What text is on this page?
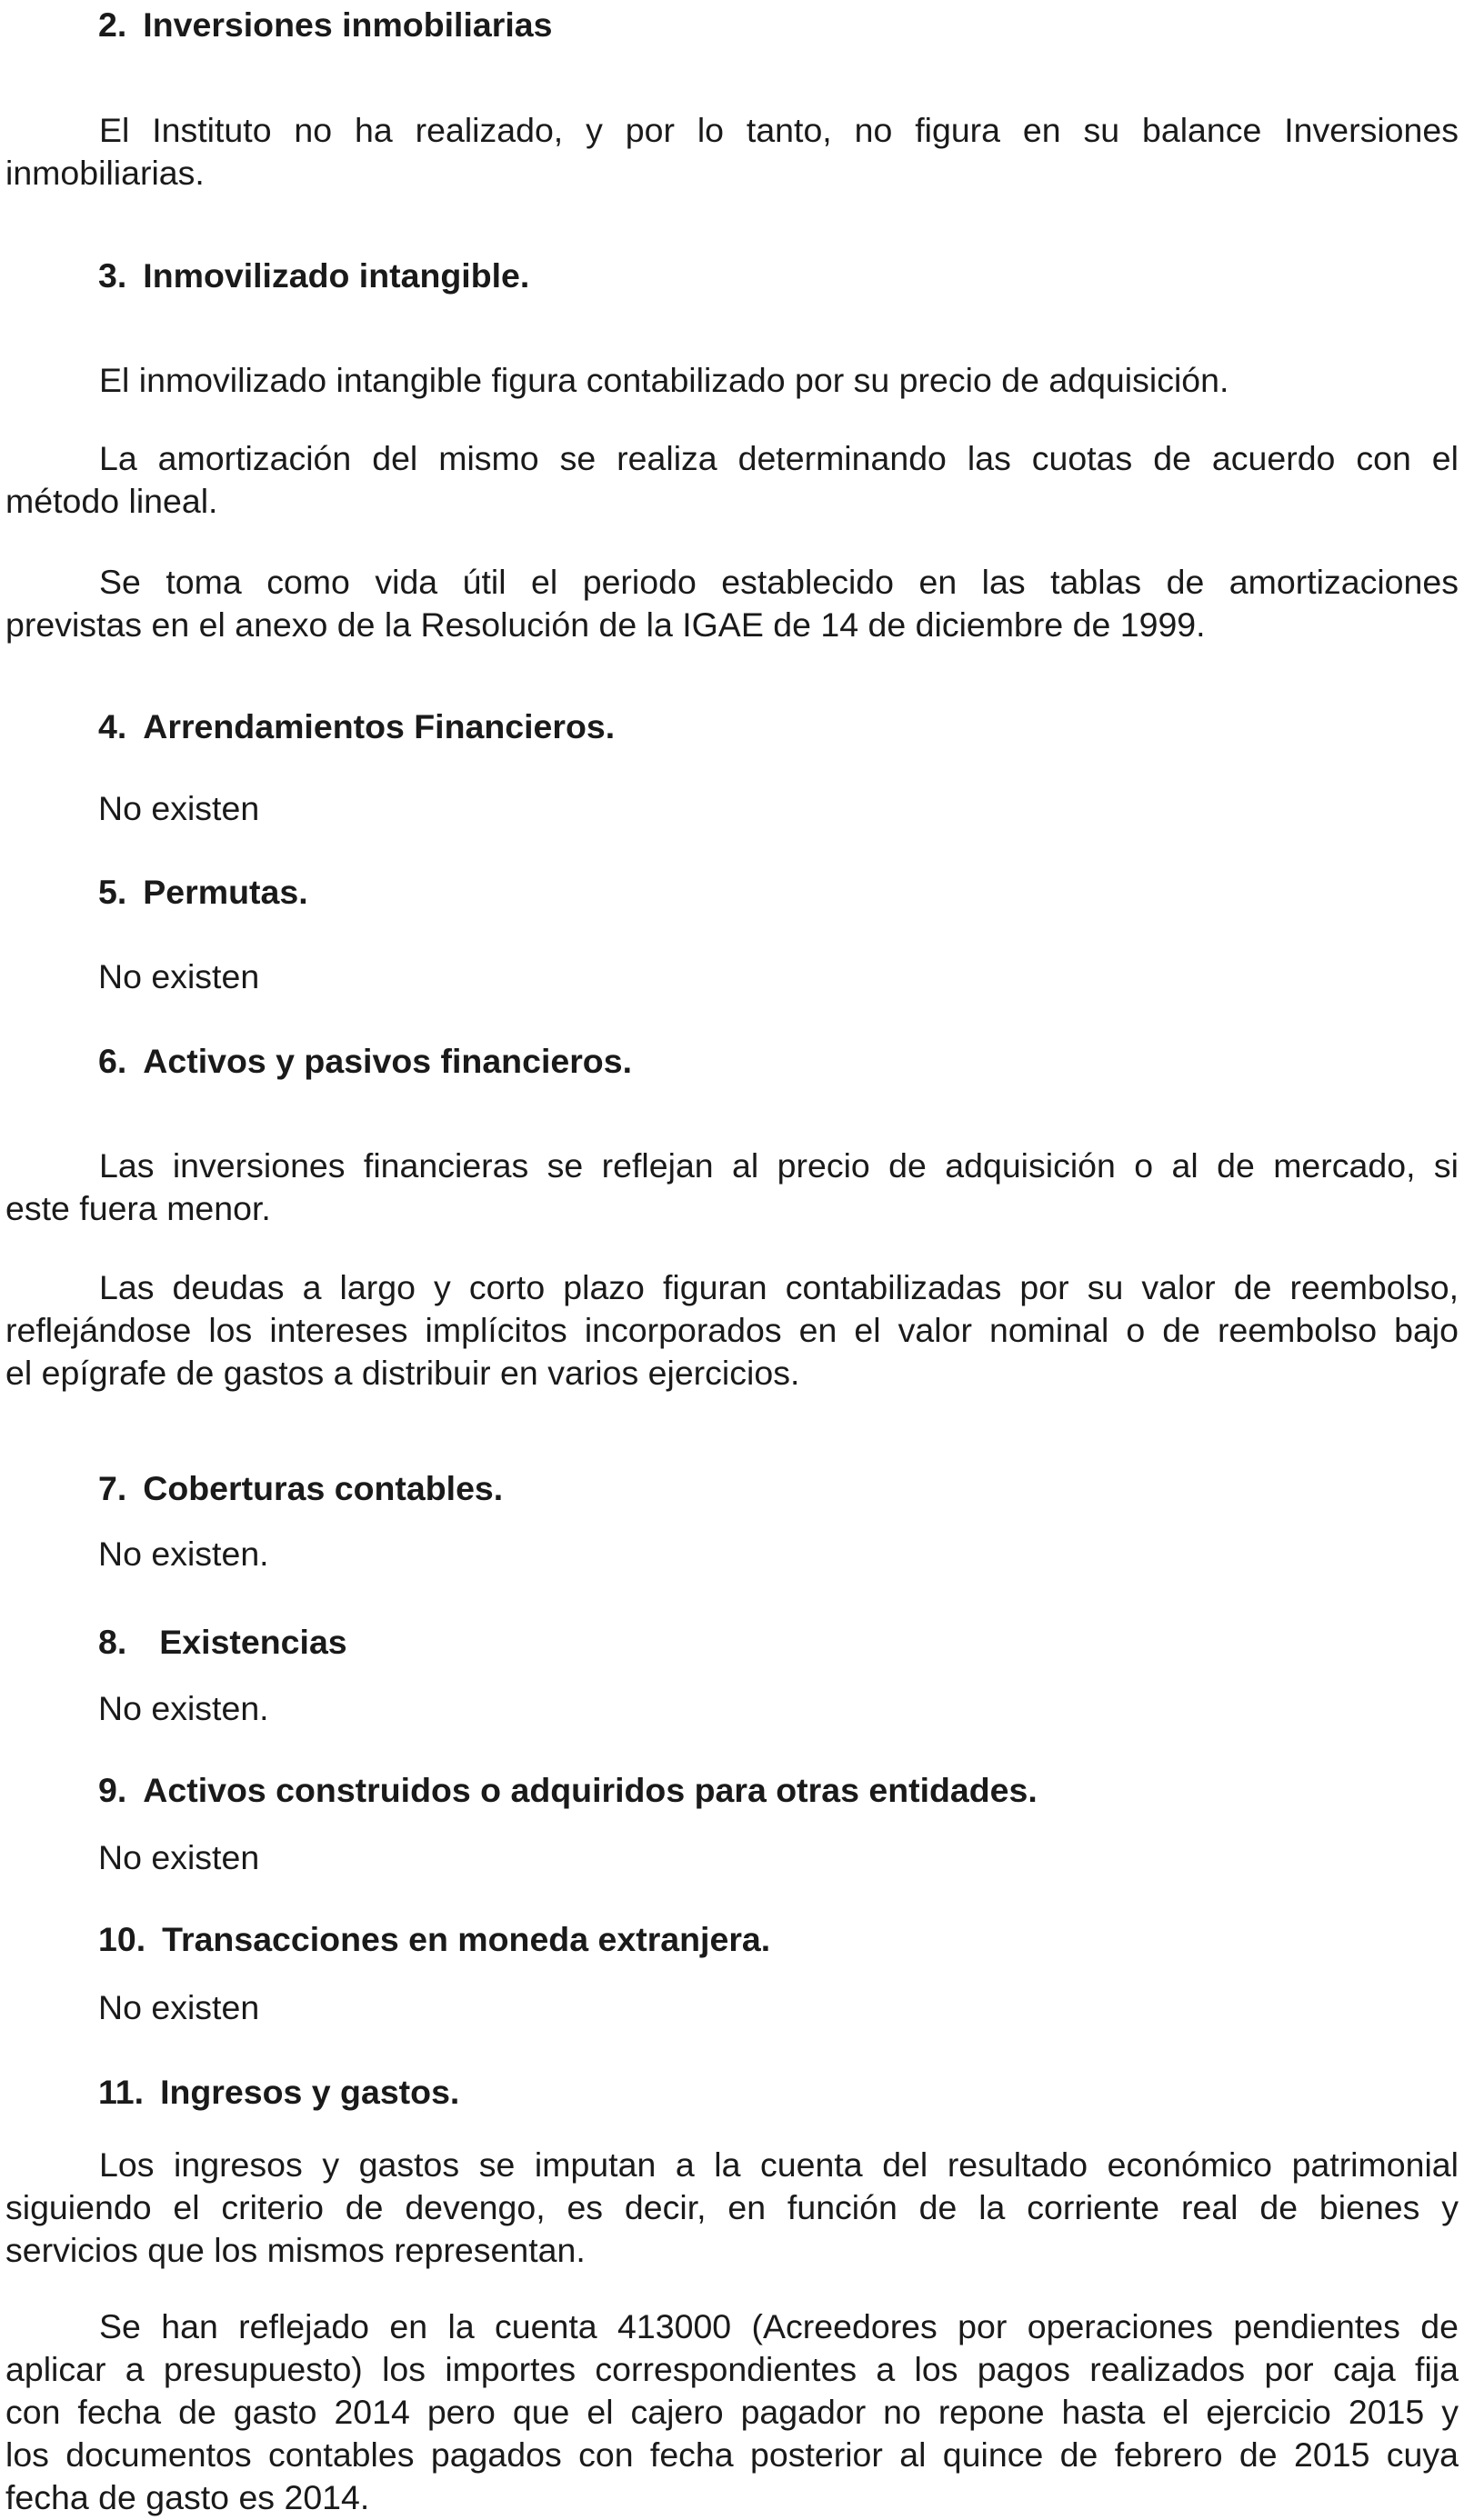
2. Inversiones inmobiliarias
El Instituto no ha realizado, y por lo tanto, no figura en su balance Inversiones
inmobiliarias.
3. Inmovilizado intangible.
El inmovilizado intangible figura contabilizado por su precio de adquisición.
La amortización del mismo se realiza determinando las cuotas de acuerdo con el
método lineal.
Se toma como vida útil el periodo establecido en las tablas de amortizaciones
previstas en el anexo de la Resolución de la IGAE de 14 de diciembre de 1999.
4. Arrendamientos Financieros.
No existen
5. Permutas.
No existen
6. Activos y pasivos financieros.
Las inversiones financieras se reflejan al precio de adquisición o al de mercado, si
este fuera menor.
Las deudas a largo y corto plazo figuran contabilizadas por su valor de reembolso,
reflejándose los intereses implícitos incorporados en el valor nominal o de reembolso bajo
el epígrafe de gastos a distribuir en varios ejercicios.
7. Coberturas contables.
No existen.
8. Existencias
No existen.
9. Activos construidos o adquiridos para otras entidades.
No existen
10. Transacciones en moneda extranjera.
No existen
11. Ingresos y gastos.
Los ingresos y gastos se imputan a la cuenta del resultado económico patrimonial
siguiendo el criterio de devengo, es decir, en función de la corriente real de bienes y
servicios que los mismos representan.
Se han reflejado en la cuenta 413000 (Acreedores por operaciones pendientes de
aplicar a presupuesto) los importes correspondientes a los pagos realizados por caja fija
con fecha de gasto 2014 pero que el cajero pagador no repone hasta el ejercicio 2015 y
los documentos contables pagados con fecha posterior al quince de febrero de 2015 cuya
fecha de gasto es 2014.
